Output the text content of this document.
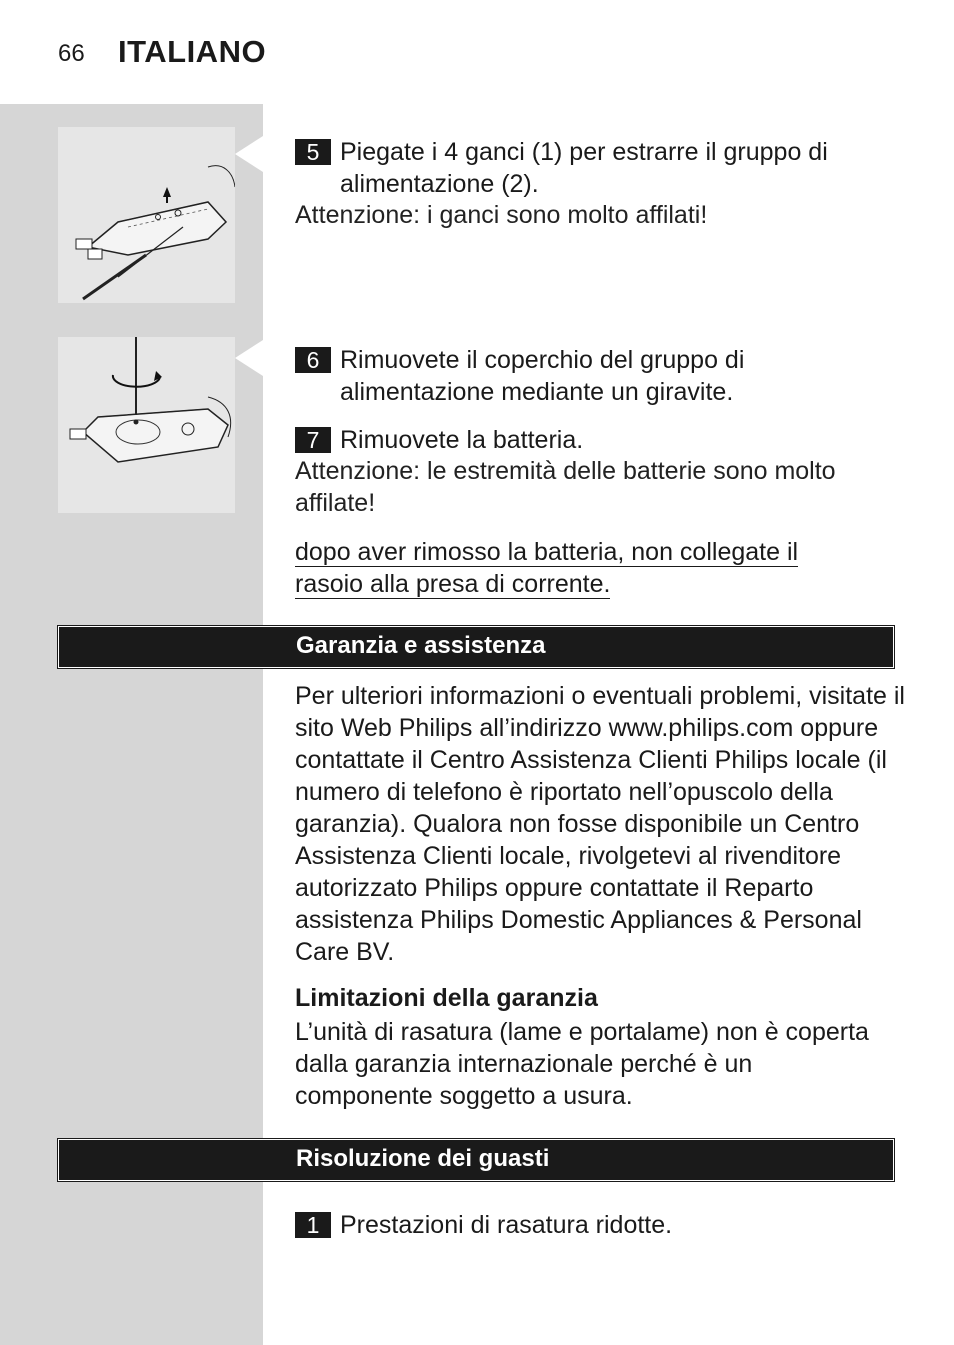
66 ITALIANO
5 Piegate i 4 ganci (1) per estrarre il gruppo di alimentazione (2).
Attenzione: i ganci sono molto affilati!
6 Rimuovete il coperchio del gruppo di alimentazione mediante un giravite.
7 Rimuovete la batteria.
Attenzione: le estremità delle batterie sono molto affilate!
dopo aver rimosso la batteria, non collegate il rasoio alla presa di corrente.
Garanzia e assistenza
Per ulteriori informazioni o eventuali problemi, visitate il sito Web Philips all’indirizzo www.philips.com oppure contattate il Centro Assistenza Clienti Philips locale (il numero di telefono è riportato nell’opuscolo della garanzia). Qualora non fosse disponibile un Centro Assistenza Clienti locale, rivolgetevi al rivenditore autorizzato Philips oppure contattate il Reparto assistenza Philips Domestic Appliances & Personal Care BV.
Limitazioni della garanzia
L’unità di rasatura (lame e portalame) non è coperta dalla garanzia internazionale perché è un componente soggetto a usura.
Risoluzione dei guasti
1 Prestazioni di rasatura ridotte.
